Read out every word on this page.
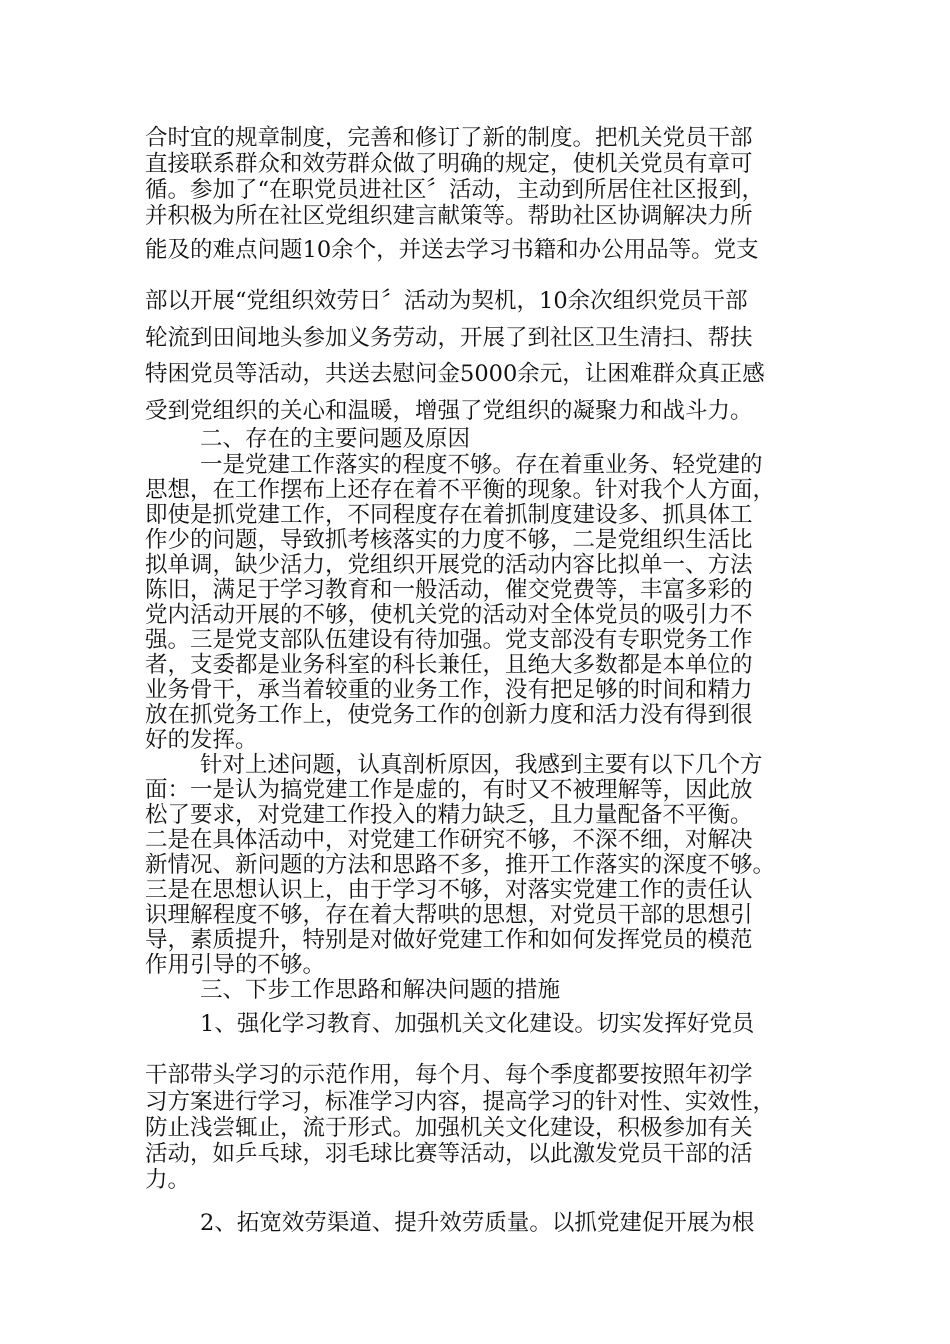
合时宜的规章制度，完善和修订了新的制度。把机关党员干部
直接联系群众和效劳群众做了明确的规定，使机关党员有章可
循。参加了“在职党员进社区〞活动，主动到所居住社区报到，
并积极为所在社区党组织建言献策等。帮助社区协调解决力所
能及的难点问题10余个，并送去学习书籍和办公用品等。党支
部以开展“党组织效劳日〞活动为契机，10余次组织党员干部
轮流到田间地头参加义务劳动，开展了到社区卫生清扫、帮扶
特困党员等活动，共送去慰问金5000余元，让困难群众真正感
受到党组织的关心和温暖，增强了党组织的凝聚力和战斗力。
二、存在的主要问题及原因
一是党建工作落实的程度不够。存在着重业务、轻党建的
思想，在工作摆布上还存在着不平衡的现象。针对我个人方面，
即使是抓党建工作，不同程度存在着抓制度建设多、抓具体工
作少的问题，导致抓考核落实的力度不够，二是党组织生活比
拟单调，缺少活力，党组织开展党的活动内容比拟单一、方法
陈旧，满足于学习教育和一般活动，催交党费等，丰富多彩的
党内活动开展的不够，使机关党的活动对全体党员的吸引力不
强。三是党支部队伍建设有待加强。党支部没有专职党务工作
者，支委都是业务科室的科长兼任，且绝大多数都是本单位的
业务骨干，承当着较重的业务工作，没有把足够的时间和精力
放在抓党务工作上，使党务工作的创新力度和活力没有得到很
好的发挥。
针对上述问题，认真剖析原因，我感到主要有以下几个方
面：一是认为搞党建工作是虚的，有时又不被理解等，因此放
松了要求，对党建工作投入的精力缺乏，且力量配备不平衡。
二是在具体活动中，对党建工作研究不够，不深不细，对解决
新情况、新问题的方法和思路不多，推开工作落实的深度不够。
三是在思想认识上，由于学习不够，对落实党建工作的责任认
识理解程度不够，存在着大帮哄的思想，对党员干部的思想引
导，素质提升，特别是对做好党建工作和如何发挥党员的模范
作用引导的不够。
三、下步工作思路和解决问题的措施
1、强化学习教育、加强机关文化建设。切实发挥好党员
干部带头学习的示范作用，每个月、每个季度都要按照年初学
习方案进行学习，标准学习内容，提高学习的针对性、实效性，
防止浅尝辄止，流于形式。加强机关文化建设，积极参加有关
活动，如乒乓球，羽毛球比赛等活动，以此激发党员干部的活
力。
2、拓宽效劳渠道、提升效劳质量。以抓党建促开展为根
